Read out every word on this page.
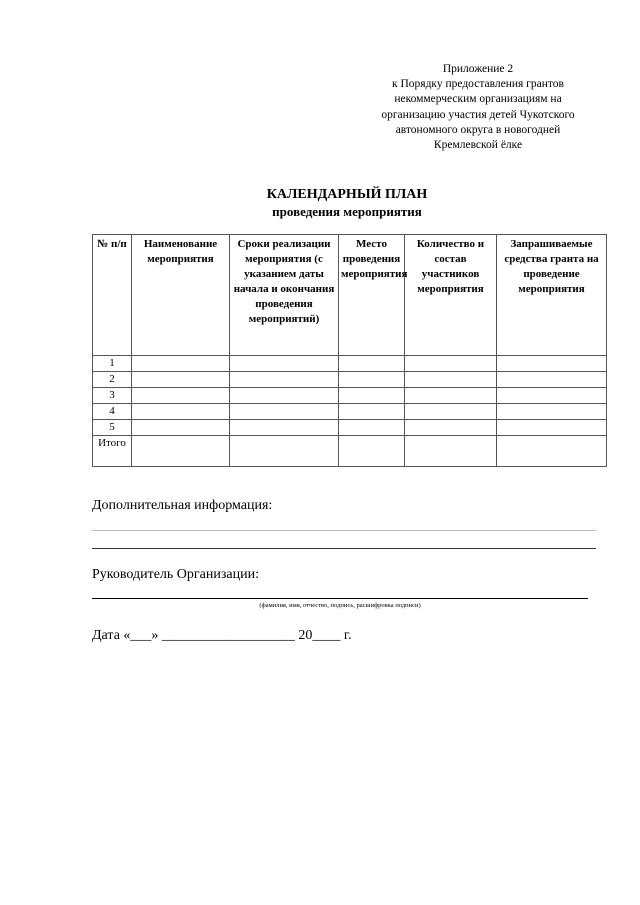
Приложение 2
к Порядку предоставления грантов
некоммерческим организациям на
организацию участия детей Чукотского
автономного округа в новогодней
Кремлевской ёлке
КАЛЕНДАРНЫЙ ПЛАН
проведения мероприятия
№ п/п	Наименование мероприятия	Сроки реализации мероприятия (с указанием даты начала и окончания проведения мероприятий)	Место проведения мероприятия	Количество и состав участников мероприятия	Запрашиваемые средства гранта на проведение мероприятия
1					
2					
3					
4					
5					
Итого					
Дополнительная информация:
Руководитель Организации:
(фамилия, имя, отчество, подпись, расшифровка подписи)
Дата «___» ___________________ 20____ г.
